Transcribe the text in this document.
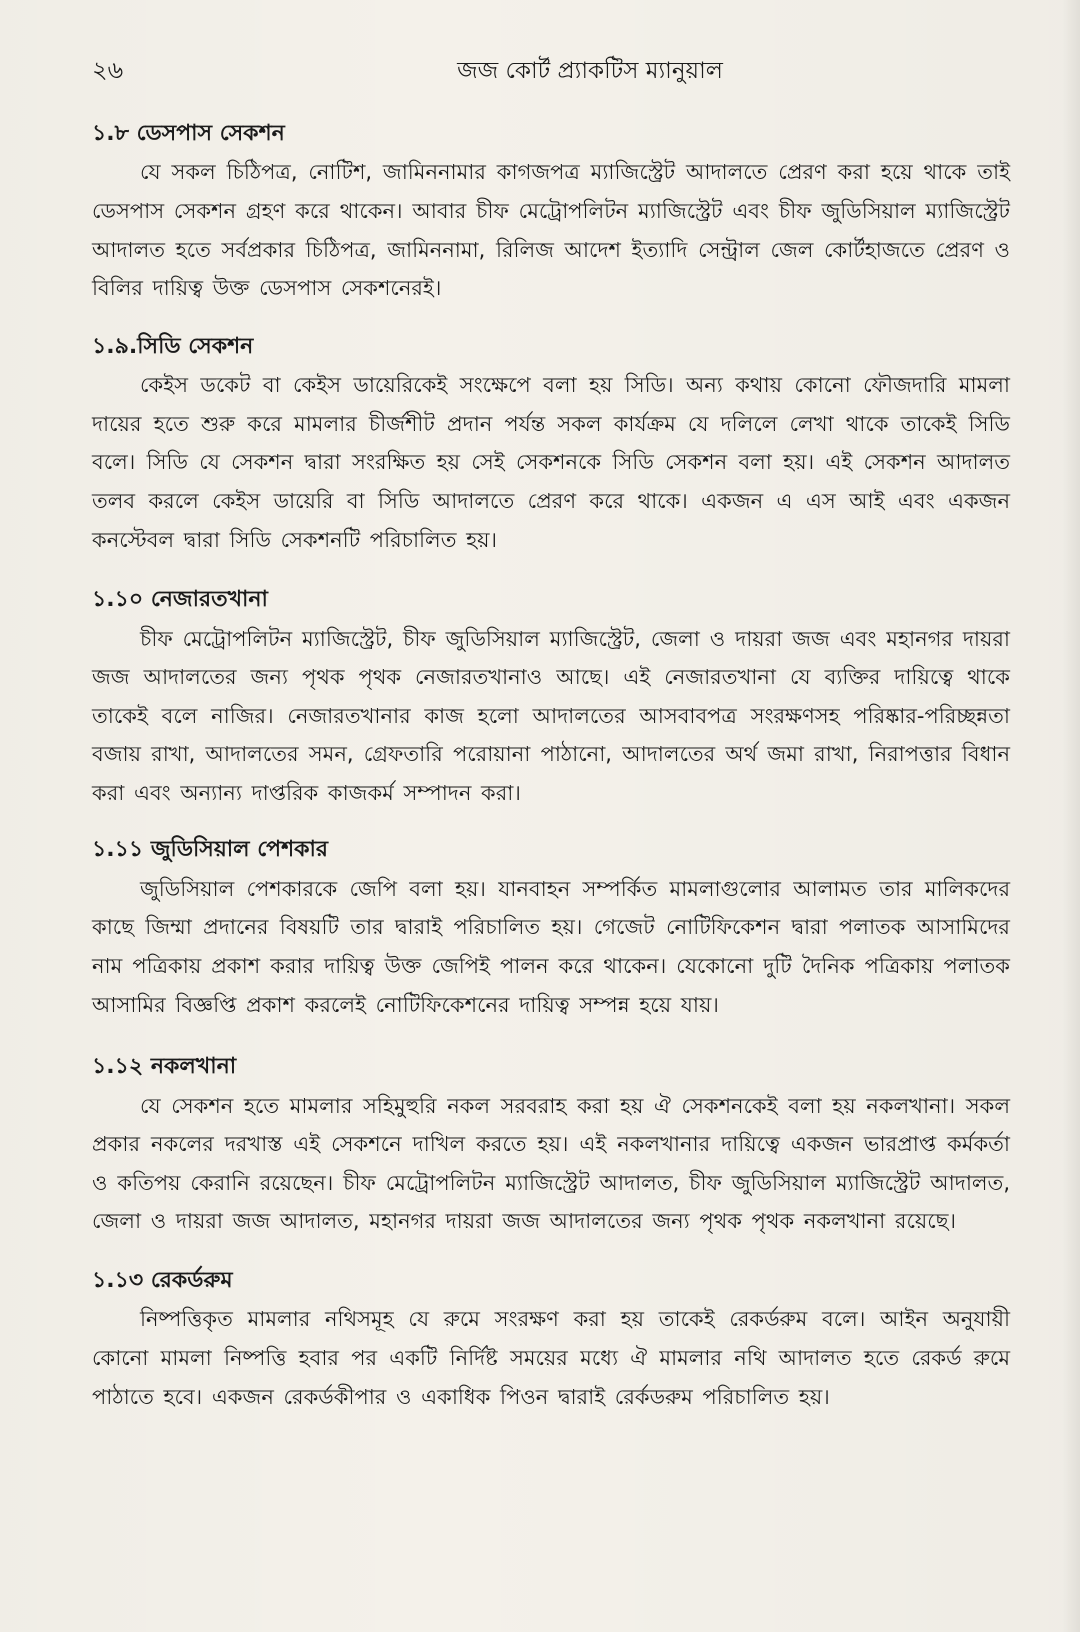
২৬	জজ কোর্ট প্র্যাকটিস ম্যানুয়াল
১.৮ ডেসপাস সেকশন

যে সকল চিঠিপত্র, নোটিশ, জামিননামার কাগজপত্র ম্যাজিস্ট্রেট আদালতে প্রেরণ করা হয়ে থাকে তাই ডেসপাস সেকশন গ্রহণ করে থাকেন। আবার চীফ মেট্রোপলিটন ম্যাজিস্ট্রেট এবং চীফ জুডিসিয়াল ম্যাজিস্ট্রেট আদালত হতে সর্বপ্রকার চিঠিপত্র, জামিননামা, রিলিজ আদেশ ইত্যাদি সেন্ট্রাল জেল কোর্টহাজতে প্রেরণ ও বিলির দায়িত্ব উক্ত ডেসপাস সেকশনেরই।

১.৯.সিডি সেকশন

কেইস ডকেট বা কেইস ডায়েরিকেই সংক্ষেপে বলা হয় সিডি। অন্য কথায় কোনো ফৌজদারি মামলা দায়ের হতে শুরু করে মামলার চীর্জশীট প্রদান পর্যন্ত সকল কার্যক্রম যে দলিলে লেখা থাকে তাকেই সিডি বলে। সিডি যে সেকশন দ্বারা সংরক্ষিত হয় সেই সেকশনকে সিডি সেকশন বলা হয়। এই সেকশন আদালত তলব করলে কেইস ডায়েরি বা সিডি আদালতে প্রেরণ করে থাকে। একজন এ এস আই এবং একজন কনস্টেবল দ্বারা সিডি সেকশনটি পরিচালিত হয়।

১.১০ নেজারতখানা

চীফ মেট্রোপলিটন ম্যাজিস্ট্রেট, চীফ জুডিসিয়াল ম্যাজিস্ট্রেট, জেলা ও দায়রা জজ এবং মহানগর দায়রা জজ আদালতের জন্য পৃথক পৃথক নেজারতখানাও আছে। এই নেজারতখানা যে ব্যক্তির দায়িত্বে থাকে তাকেই বলে নাজির। নেজারতখানার কাজ হলো আদালতের আসবাবপত্র সংরক্ষণসহ পরিষ্কার-পরিচ্ছন্নতা বজায় রাখা, আদালতের সমন, গ্রেফতারি পরোয়ানা পাঠানো, আদালতের অর্থ জমা রাখা, নিরাপত্তার বিধান করা এবং অন্যান্য দাপ্তরিক কাজকর্ম সম্পাদন করা।

১.১১ জুডিসিয়াল পেশকার

জুডিসিয়াল পেশকারকে জেপি বলা হয়। যানবাহন সম্পর্কিত মামলাগুলোর আলামত তার মালিকদের কাছে জিম্মা প্রদানের বিষয়টি তার দ্বারাই পরিচালিত হয়। গেজেট নোটিফিকেশন দ্বারা পলাতক আসামিদের নাম পত্রিকায় প্রকাশ করার দায়িত্ব উক্ত জেপিই পালন করে থাকেন। যেকোনো দুটি দৈনিক পত্রিকায় পলাতক আসামির বিজ্ঞপ্তি প্রকাশ করলেই নোটিফিকেশনের দায়িত্ব সম্পন্ন হয়ে যায়।

১.১২ নকলখানা

যে সেকশন হতে মামলার সহিমুহুরি নকল সরবরাহ করা হয় ঐ সেকশনকেই বলা হয় নকলখানা। সকল প্রকার নকলের দরখাস্ত এই সেকশনে দাখিল করতে হয়। এই নকলখানার দায়িত্বে একজন ভারপ্রাপ্ত কর্মকর্তা ও কতিপয় কেরানি রয়েছেন। চীফ মেট্রোপলিটন ম্যাজিস্ট্রেট আদালত, চীফ জুডিসিয়াল ম্যাজিস্ট্রেট আদালত, জেলা ও দায়রা জজ আদালত, মহানগর দায়রা জজ আদালতের জন্য পৃথক পৃথক নকলখানা রয়েছে।

১.১৩ রেকর্ডরুম

নিষ্পত্তিকৃত মামলার নথিসমূহ যে রুমে সংরক্ষণ করা হয় তাকেই রেকর্ডরুম বলে। আইন অনুযায়ী কোনো মামলা নিষ্পত্তি হবার পর একটি নির্দিষ্ট সময়ের মধ্যে ঐ মামলার নথি আদালত হতে রেকর্ড রুমে পাঠাতে হবে। একজন রেকর্ডকীপার ও একাধিক পিওন দ্বারাই রের্কডরুম পরিচালিত হয়।
